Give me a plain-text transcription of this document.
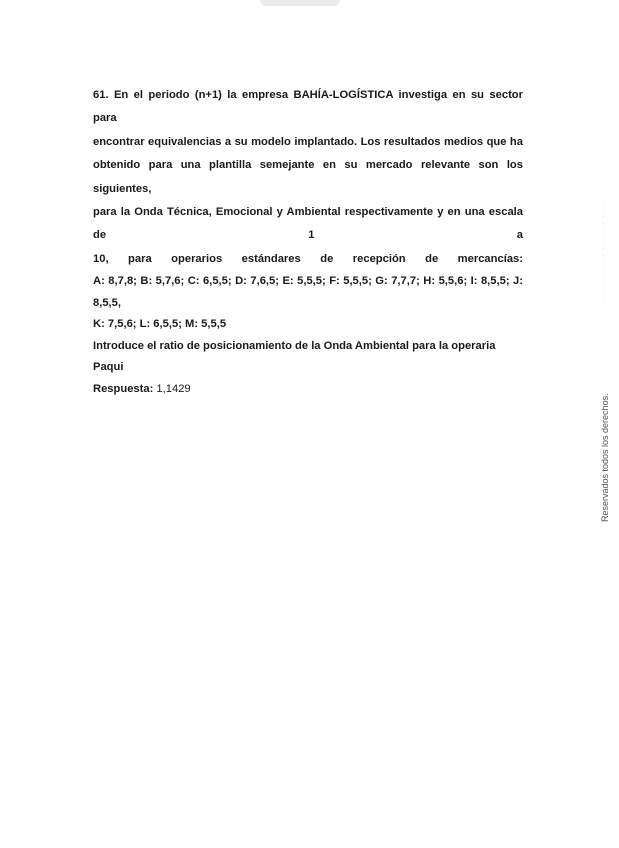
61. En el periodo (n+1) la empresa BAHÍA-LOGÍSTICA investiga en su sector para
encontrar equivalencias a su modelo implantado. Los resultados medios que ha
obtenido para una plantilla semejante en su mercado relevante son los siguientes,
para la Onda Técnica, Emocional y Ambiental respectivamente y en una escala de 1 a
10, para operarios estándares de recepción de mercancías:

A: 8,7,8; B: 5,7,6; C: 6,5,5; D: 7,6,5; E: 5,5,5; F: 5,5,5; G: 7,7,7; H: 5,5,6; I: 8,5,5; J: 8,5,5,
K: 7,5,6; L: 6,5,5; M: 5,5,5

Introduce el ratio de posicionamiento de la Onda Ambiental para la operaria Paqui

Respuesta: 1,1429

· · · · · · · · · · · · · · · ·
Reservados todos los derechos.
